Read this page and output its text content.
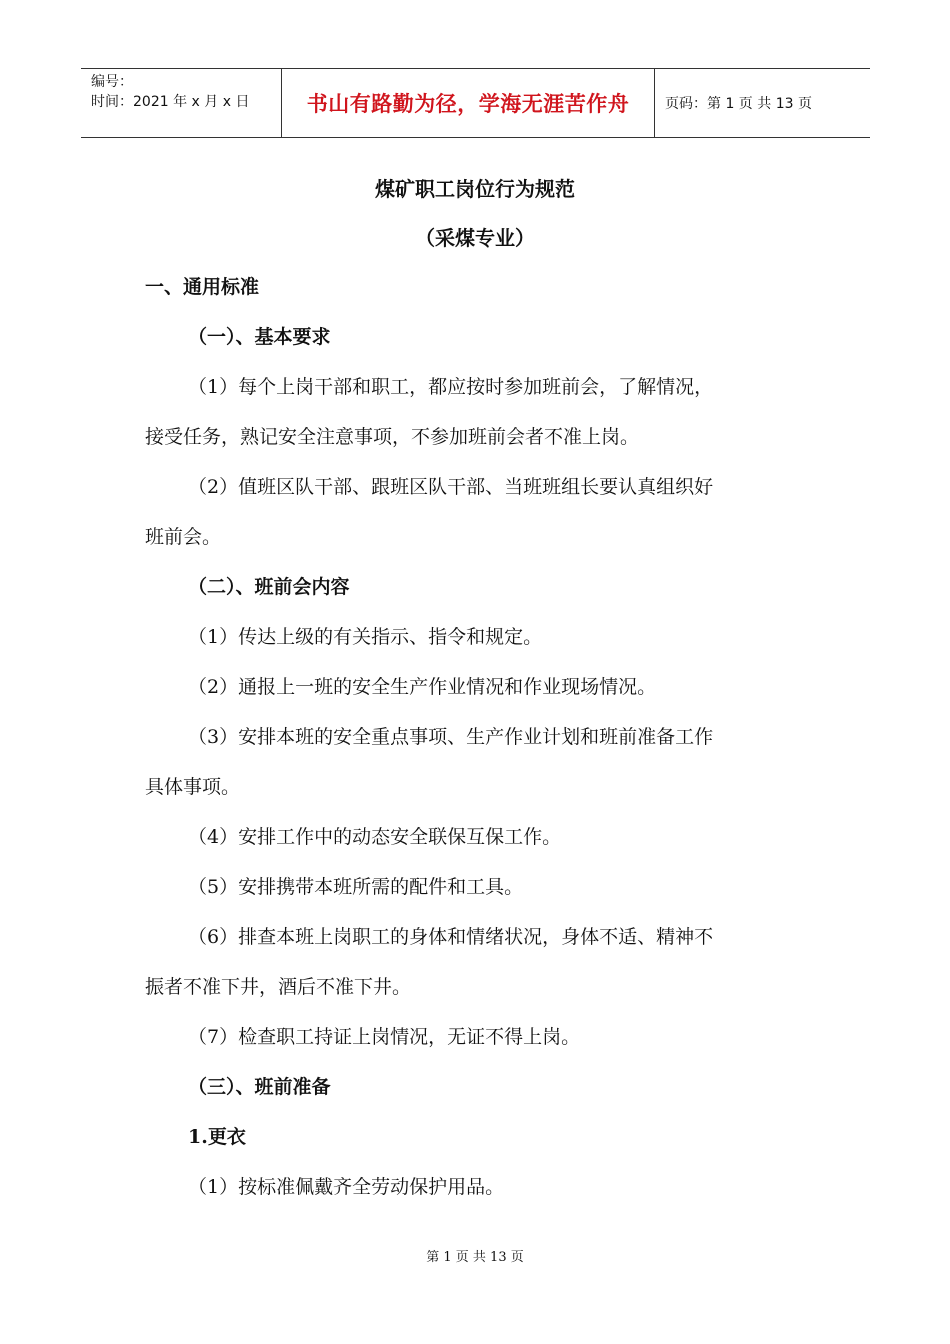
编号：
时间：2021 年 x 月 x 日	书山有路勤为径，学海无涯苦作舟	页码：第 1 页 共 13 页
煤矿职工岗位行为规范
（采煤专业）
一、通用标准
（一）、基本要求
（1）每个上岗干部和职工，都应按时参加班前会，了解情况，
接受任务，熟记安全注意事项，不参加班前会者不准上岗。
（2）值班区队干部、跟班区队干部、当班班组长要认真组织好
班前会。
（二）、班前会内容
（1）传达上级的有关指示、指令和规定。
（2）通报上一班的安全生产作业情况和作业现场情况。
（3）安排本班的安全重点事项、生产作业计划和班前准备工作
具体事项。
（4）安排工作中的动态安全联保互保工作。
（5）安排携带本班所需的配件和工具。
（6）排查本班上岗职工的身体和情绪状况，身体不适、精神不
振者不准下井，酒后不准下井。
（7）检查职工持证上岗情况，无证不得上岗。
（三）、班前准备
1.更衣
（1）按标准佩戴齐全劳动保护用品。
第 1 页 共 13 页
